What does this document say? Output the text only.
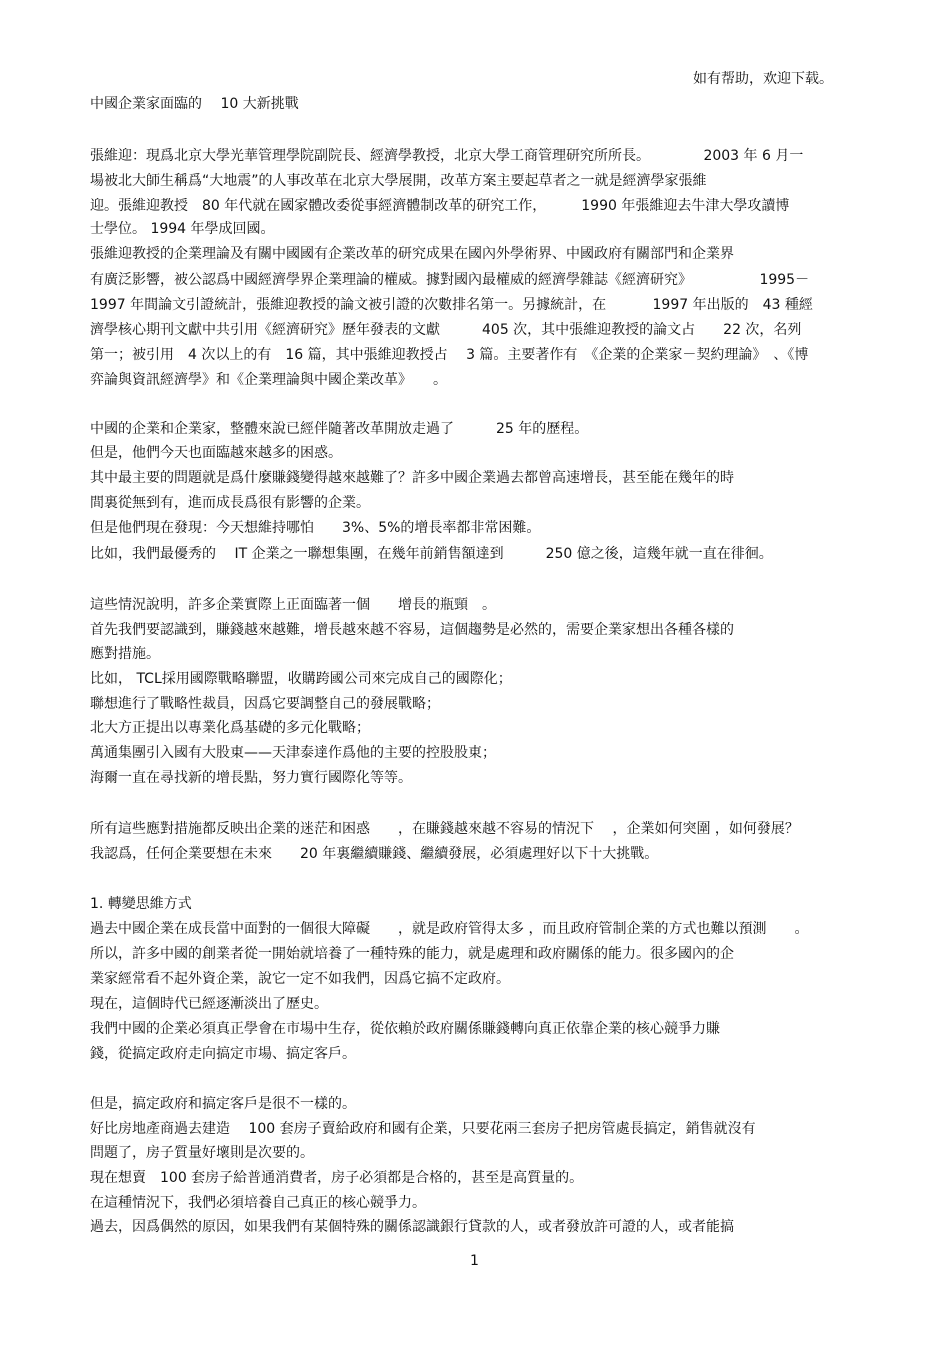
如有帮助，欢迎下载。

中國企業家面臨的　 10 大新挑戰

張維迎：現爲北京大學光華管理學院副院長、經濟學教授，北京大學工商管理研究所所長。　　　　 2003 年 6 月一

場被北大師生稱爲“大地震”的人事改革在北京大學展開，改革方案主要起草者之一就是經濟學家張維

迎。張維迎教授　80 年代就在國家體改委從事經濟體制改革的研究工作，　　　1990 年張維迎去牛津大學攻讀博

士學位。 1994 年學成回國。

張維迎教授的企業理論及有關中國國有企業改革的研究成果在國內外學術界、中國政府有關部門和企業界

有廣泛影響，被公認爲中國經濟學界企業理論的權威。據對國內最權威的經濟學雜誌《經濟研究》　　　　　 1995－

1997 年間論文引證統計，張維迎教授的論文被引證的次數排名第一。另據統計，在　　　 1997 年出版的　43 種經

濟學核心期刊文獻中共引用《經濟研究》歷年發表的文獻　　　405 次，其中張維迎教授的論文占　　22 次，名列

第一；被引用　4 次以上的有　16 篇，其中張維迎教授占　 3 篇。主要著作有　《企業的企業家－契約理論》　、《博

弈論與資訊經濟學》和《企業理論與中國企業改革》　　。

中國的企業和企業家，整體來說已經伴隨著改革開放走過了　　　25 年的歷程。

但是，他們今天也面臨越來越多的困惑。

其中最主要的問題就是爲什麼賺錢變得越來越難了？許多中國企業過去都曾高速增長，甚至能在幾年的時

間裏從無到有，進而成長爲很有影響的企業。

但是他們現在發現：今天想維持哪怕　　3%、5%的增長率都非常困難。

比如，我們最優秀的　 IT 企業之一聯想集團，在幾年前銷售額達到　　　250 億之後，這幾年就一直在徘徊。

這些情況說明，許多企業實際上正面臨著一個　　增長的瓶頸　。

首先我們要認識到，賺錢越來越難，增長越來越不容易，這個趨勢是必然的，需要企業家想出各種各樣的

應對措施。

比如， TCL採用國際戰略聯盟，收購跨國公司來完成自己的國際化；

聯想進行了戰略性裁員，因爲它要調整自己的發展戰略；

北大方正提出以專業化爲基礎的多元化戰略；

萬通集團引入國有大股東——天津泰達作爲他的主要的控股股東；

海爾一直在尋找新的增長點，努力實行國際化等等。

所有這些應對措施都反映出企業的迷茫和困惑　　，在賺錢越來越不容易的情況下　 ，企業如何突圍 ，如何發展？

我認爲，任何企業要想在未來　　20 年裏繼續賺錢、繼續發展，必須處理好以下十大挑戰。

1. 轉變思維方式

過去中國企業在成長當中面對的一個很大障礙　　，就是政府管得太多 ，而且政府管制企業的方式也難以預測　　。

所以，許多中國的創業者從一開始就培養了一種特殊的能力，就是處理和政府關係的能力。很多國內的企

業家經常看不起外資企業，說它一定不如我們，因爲它搞不定政府。

現在，這個時代已經逐漸淡出了歷史。

我們中國的企業必須真正學會在市場中生存，從依賴於政府關係賺錢轉向真正依靠企業的核心競爭力賺

錢，從搞定政府走向搞定市場、搞定客戶。

但是，搞定政府和搞定客戶是很不一樣的。

好比房地產商過去建造　 100 套房子賣給政府和國有企業，只要花兩三套房子把房管處長搞定，銷售就沒有

問題了，房子質量好壞則是次要的。

現在想賣　100 套房子給普通消費者，房子必須都是合格的，甚至是高質量的。

在這種情況下，我們必須培養自己真正的核心競爭力。

過去，因爲偶然的原因，如果我們有某個特殊的關係認識銀行貸款的人，或者發放許可證的人，或者能搞

1
